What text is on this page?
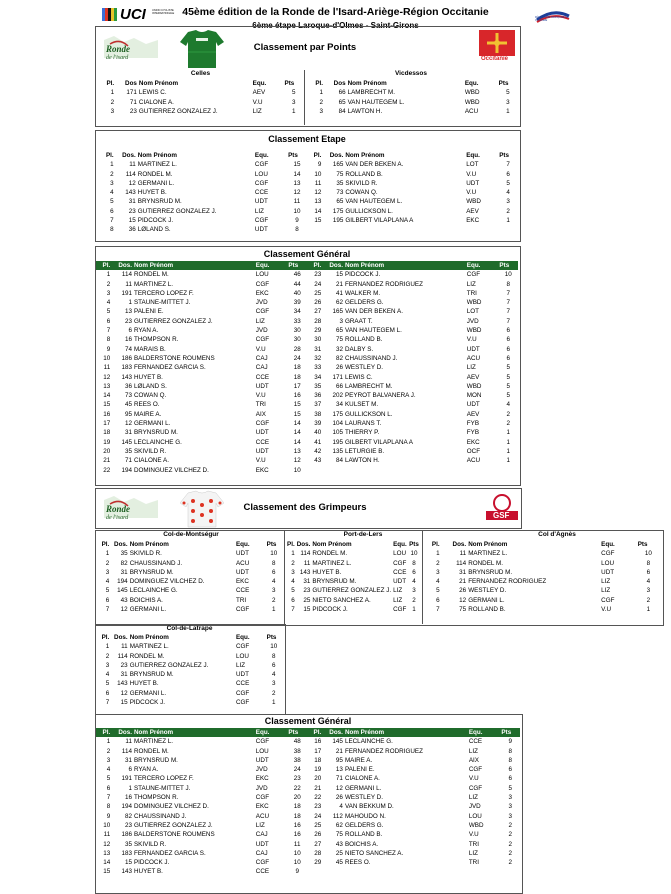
UCI UNION CYCLISTE INTERNATIONALE 45ème édition de la Ronde de l'Isard-Ariège-Région Occitanie
6ème étape Laroque-d'Olmes - Saint-Girons
FÉDÉRATION FRANÇAISE DE CYCLISME
Ronde
de l'isard
Classement par Points
Occitanie
Celles	Vicdessos
Pl.	Dos	Nom Prénom	Equ.	Pts
1	171	LEWIS C.	AEV	5
2	71	CIALONE A.	V.U	3
3	23	GUTIERREZ GONZALEZ J.	LIZ	1
Pl.	Dos	Nom Prénom	Equ.	Pts
1	66	LAMBRECHT M.	WBD	5
2	65	VAN HAUTEGEM L.	WBD	3
3	84	LAWTON H.	ACU	1
Classement Etape
Pl.	Dos.	Nom Prénom	Equ.	Pts
1	11	MARTINEZ L.	CGF	15
2	114	RONDEL M.	LOU	14
3	12	GERMANI L.	CGF	13
4	143	HUYET B.	CCE	12
5	31	BRYNSRUD M.	UDT	11
6	23	GUTIERREZ GONZALEZ J.	LIZ	10
7	15	PIDCOCK J.	CGF	9
8	36	LØLAND S.	UDT	8
Pl.	Dos.	Nom Prénom	Equ.	Pts
9	165	VAN DER BEKEN A.	LOT	7
10	75	ROLLAND B.	V.U	6
11	35	SKIVILD R.	UDT	5
12	73	COWAN Q.	V.U	4
13	65	VAN HAUTEGEM L.	WBD	3
14	175	GULLICKSON L.	AEV	2
15	195	GILBERT VILAPLANA A	EKC	1
Classement Général
Pl.	Dos.	Nom Prénom	Equ.	Pts
1	114	RONDEL M.	LOU	46
2	11	MARTINEZ L.	CGF	44
3	191	TERCERO LOPEZ F.	EKC	40
4	1	STAUNE-MITTET J.	JVD	39
5	13	PALENI E.	CGF	34
6	23	GUTIERREZ GONZALEZ J.	LIZ	33
7	6	RYAN A.	JVD	30
8	16	THOMPSON R.	CGF	30
9	74	MARAIS B.	V.U	28
10	186	BALDERSTONE ROUMENS	CAJ	24
11	183	FERNANDEZ GARCIA S.	CAJ	18
12	143	HUYET B.	CCE	18
13	36	LØLAND S.	UDT	17
14	73	COWAN Q.	V.U	16
15	45	REES O.	TRI	15
16	95	MAIRE A.	AIX	15
17	12	GERMANI L.	CGF	14
18	31	BRYNSRUD M.	UDT	14
19	145	LECLAINCHE G.	CCE	14
20	35	SKIVILD R.	UDT	13
21	71	CIALONE A.	V.U	12
22	194	DOMINGUEZ VILCHEZ D.	EKC	10
Pl.	Dos.	Nom Prénom	Equ.	Pts
23	15	PIDCOCK J.	CGF	10
24	21	FERNANDEZ RODRIGUEZ	LIZ	8
25	41	WALKER M.	TRI	7
26	62	GELDERS G.	WBD	7
27	165	VAN DER BEKEN A.	LOT	7
28	3	GRAAT T.	JVD	7
29	65	VAN HAUTEGEM L.	WBD	6
30	75	ROLLAND B.	V.U	6
31	32	DALBY S.	UDT	6
32	82	CHAUSSINAND J.	ACU	6
33	26	WESTLEY D.	LIZ	5
34	171	LEWIS C.	AEV	5
35	66	LAMBRECHT M.	WBD	5
36	202	PEYROT BALVANERA J.	MON	5
37	34	KULSET M.	UDT	4
38	175	GULLICKSON L.	AEV	2
39	104	LAURANS T.	FYB	2
40	105	THIERRY P.	FYB	1
41	195	GILBERT VILAPLANA A	EKC	1
42	135	LETURGIE B.	OCF	1
43	84	LAWTON H.	ACU	1
Ronde
de l'isard
Classement des Grimpeurs
GSF
Col-de-Montségur	Port-de-Lers	Col d'Agnès
Pl.	Dos.	Nom Prénom	Equ.	Pts
1	35	SKIVILD R.	UDT	10
2	82	CHAUSSINAND J.	ACU	8
3	31	BRYNSRUD M.	UDT	6
4	194	DOMINGUEZ VILCHEZ D.	EKC	4
5	145	LECLAINCHE G.	CCE	3
6	43	BOICHIS A.	TRI	2
7	12	GERMANI L.	CGF	1
Pl.	Dos.	Nom Prénom	Equ.	Pts
1	114	RONDEL M.	LOU	10
2	11	MARTINEZ L.	CGF	8
3	143	HUYET B.	CCE	6
4	31	BRYNSRUD M.	UDT	4
5	23	GUTIERREZ GONZALEZ J.	LIZ	3
6	25	NIETO SANCHEZ A.	LIZ	2
7	15	PIDCOCK J.	CGF	1
Pl.	Dos.	Nom Prénom	Equ.	Pts
1	11	MARTINEZ L.	CGF	10
2	114	RONDEL M.	LOU	8
3	31	BRYNSRUD M.	UDT	6
4	21	FERNANDEZ RODRIGUEZ	LIZ	4
5	26	WESTLEY D.	LIZ	3
6	12	GERMANI L.	CGF	2
7	75	ROLLAND B.	V.U	1
Col-de-Latrape
Pl.	Dos.	Nom Prénom	Equ.	Pts
1	11	MARTINEZ L.	CGF	10
2	114	RONDEL M.	LOU	8
3	23	GUTIERREZ GONZALEZ J.	LIZ	6
4	31	BRYNSRUD M.	UDT	4
5	143	HUYET B.	CCE	3
6	12	GERMANI L.	CGF	2
7	15	PIDCOCK J.	CGF	1
Classement Général
Pl.	Dos.	Nom Prénom	Equ.	Pts
1	11	MARTINEZ L.	CGF	48
2	114	RONDEL M.	LOU	38
3	31	BRYNSRUD M.	UDT	38
4	6	RYAN A.	JVD	24
5	191	TERCERO LOPEZ F.	EKC	23
6	1	STAUNE-MITTET J.	JVD	22
7	16	THOMPSON R.	CGF	20
8	194	DOMINGUEZ VILCHEZ D.	EKC	18
9	82	CHAUSSINAND J.	ACU	18
10	23	GUTIERREZ GONZALEZ J.	LIZ	16
11	186	BALDERSTONE ROUMENS	CAJ	16
12	35	SKIVILD R.	UDT	11
13	183	FERNANDEZ GARCIA S.	CAJ	10
14	15	PIDCOCK J.	CGF	10
15	143	HUYET B.	CCE	9
Pl.	Dos.	Nom Prénom	Equ.	Pts
16	145	LECLAINCHE G.	CCE	9
17	21	FERNANDEZ RODRIGUEZ	LIZ	8
18	95	MAIRE A.	AIX	8
19	13	PALENI E.	CGF	6
20	71	CIALONE A.	V.U	6
21	12	GERMANI L.	CGF	5
22	26	WESTLEY D.	LIZ	3
23	4	VAN BEKKUM D.	JVD	3
24	112	MAHOUDO N.	LOU	3
25	62	GELDERS G.	WBD	2
26	75	ROLLAND B.	V.U	2
27	43	BOICHIS A.	TRI	2
28	25	NIETO SANCHEZ A.	LIZ	2
29	45	REES O.	TRI	2
